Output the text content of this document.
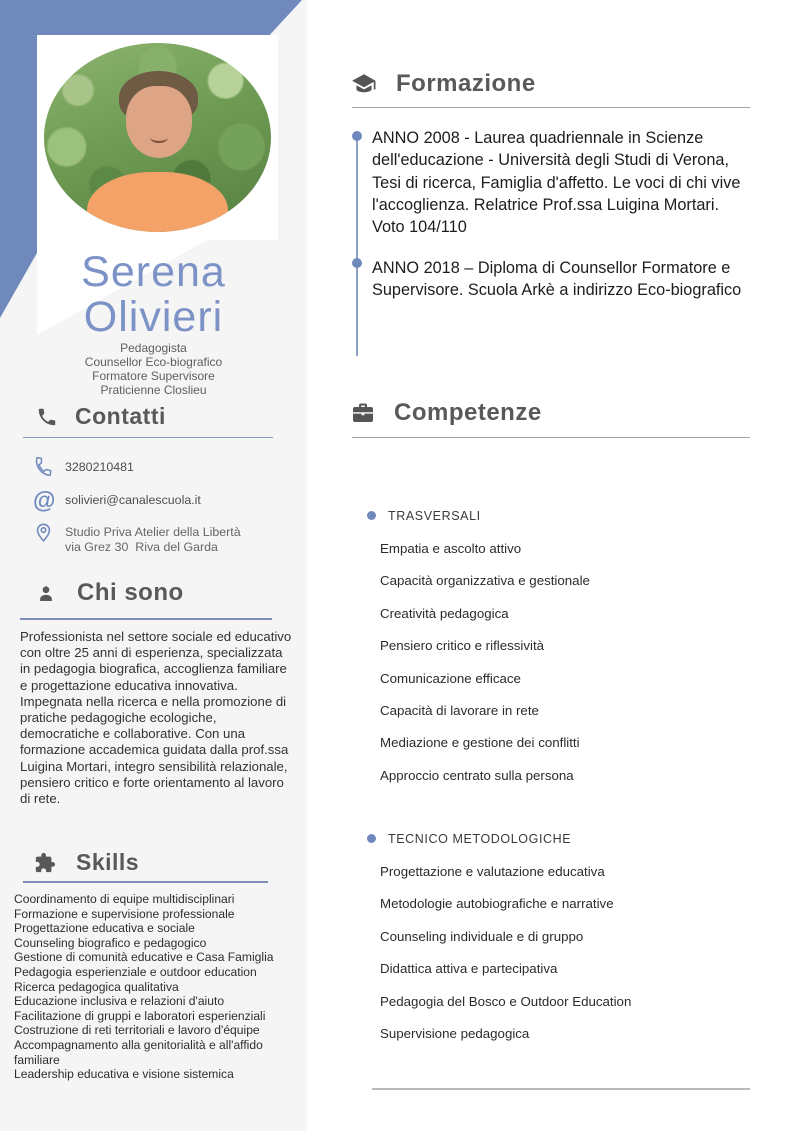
Serena
Olivieri
Pedagogista
Counsellor Eco-biografico
Formatore Supervisore
Praticienne Closlieu
Contatti
3280210481
@ solivieri@canalescuola.it
Studio Priva Atelier della Libertà
via Grez 30  Riva del Garda
Chi sono
Professionista nel settore sociale ed educativo con oltre 25 anni di esperienza, specializzata in pedagogia biografica, accoglienza familiare e progettazione educativa innovativa. Impegnata nella ricerca e nella promozione di pratiche pedagogiche ecologiche, democratiche e collaborative. Con una formazione accademica guidata dalla prof.ssa Luigina Mortari, integro sensibilità relazionale, pensiero critico e forte orientamento al lavoro di rete.
Skills
Coordinamento di equipe multidisciplinari
Formazione e supervisione professionale
Progettazione educativa e sociale
Counseling biografico e pedagogico
Gestione di comunità educative e Casa Famiglia
Pedagogia esperienziale e outdoor education
Ricerca pedagogica qualitativa
Educazione inclusiva e relazioni d'aiuto
Facilitazione di gruppi e laboratori esperienziali
Costruzione di reti territoriali e lavoro d'équipe
Accompagnamento alla genitorialità e all'affido familiare
Leadership educativa e visione sistemica
Formazione
ANNO 2008 - Laurea quadriennale in Scienze dell'educazione - Università degli Studi di Verona, Tesi di ricerca, Famiglia d'affetto. Le voci di chi vive l'accoglienza. Relatrice Prof.ssa Luigina Mortari. Voto 104/110
ANNO 2018 – Diploma di Counsellor Formatore e Supervisore. Scuola Arkè a indirizzo Eco-biografico
Competenze
TRASVERSALI
Empatia e ascolto attivo
Capacità organizzativa e gestionale
Creatività pedagogica
Pensiero critico e riflessività
Comunicazione efficace
Capacità di lavorare in rete
Mediazione e gestione dei conflitti
Approccio centrato sulla persona
TECNICO METODOLOGICHE
Progettazione e valutazione educativa
Metodologie autobiografiche e narrative
Counseling individuale e di gruppo
Didattica attiva e partecipativa
Pedagogia del Bosco e Outdoor Education
Supervisione pedagogica
